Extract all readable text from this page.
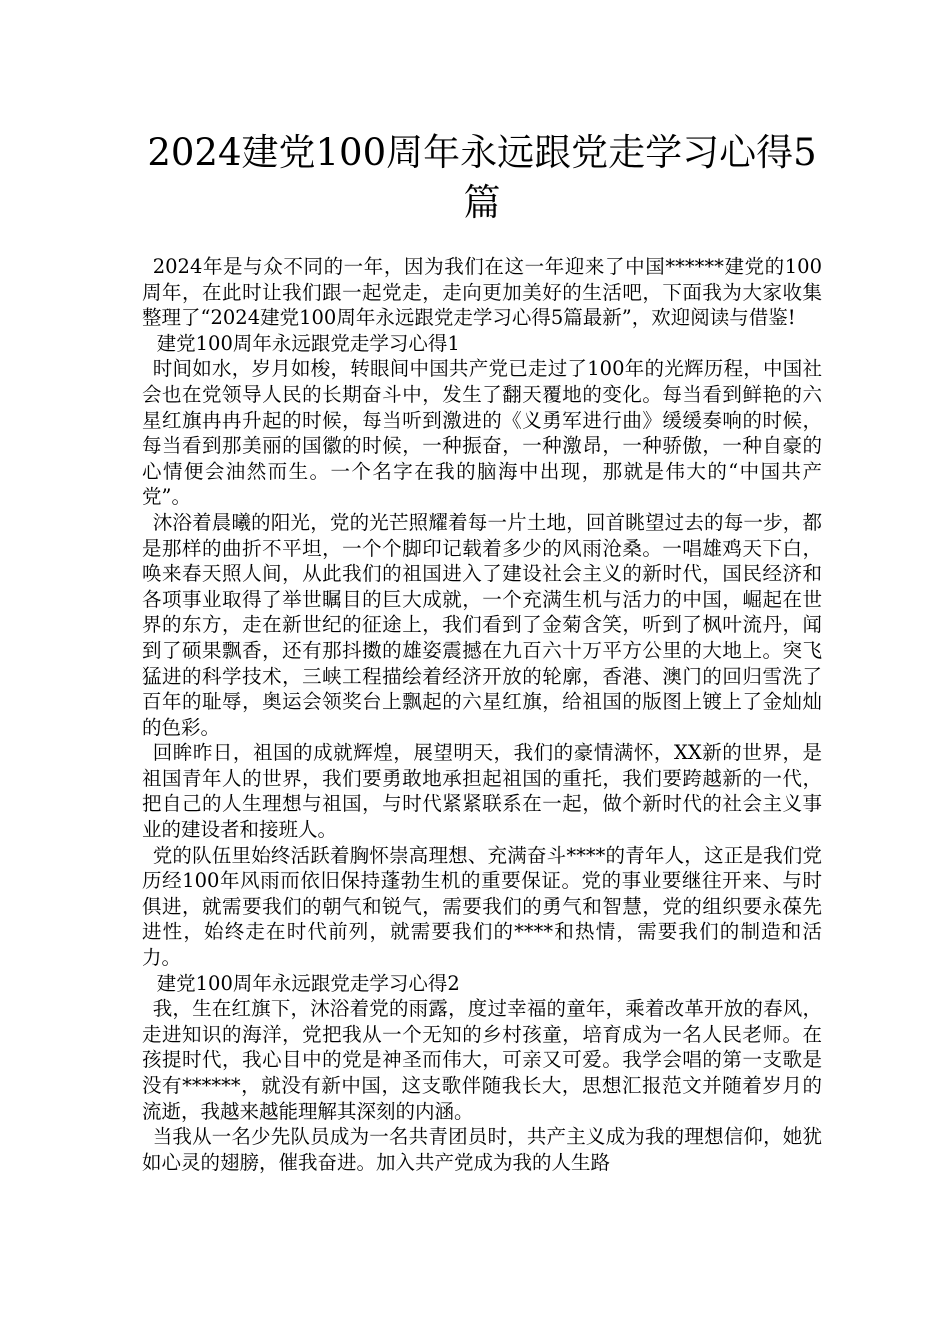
2024建党100周年永远跟党走学习心得5篇

2024年是与众不同的一年，因为我们在这一年迎来了中国******建党的100周年，在此时让我们跟一起党走，走向更加美好的生活吧，下面我为大家收集整理了“2024建党100周年永远跟党走学习心得5篇最新”，欢迎阅读与借鉴!

建党100周年永远跟党走学习心得1

时间如水，岁月如梭，转眼间中国共产党已走过了100年的光辉历程，中国社会也在党领导人民的长期奋斗中，发生了翻天覆地的变化。每当看到鲜艳的六星红旗冉冉升起的时候，每当听到激进的《义勇军进行曲》缓缓奏响的时候，每当看到那美丽的国徽的时候，一种振奋，一种激昂，一种骄傲，一种自豪的心情便会油然而生。一个名字在我的脑海中出现，那就是伟大的“中国共产党”。

沐浴着晨曦的阳光，党的光芒照耀着每一片土地，回首眺望过去的每一步，都是那样的曲折不平坦，一个个脚印记载着多少的风雨沧桑。一唱雄鸡天下白，唤来春天照人间，从此我们的祖国进入了建设社会主义的新时代，国民经济和各项事业取得了举世瞩目的巨大成就，一个充满生机与活力的中国，崛起在世界的东方，走在新世纪的征途上，我们看到了金菊含笑，听到了枫叶流丹，闻到了硕果飘香，还有那抖擞的雄姿震撼在九百六十万平方公里的大地上。突飞猛进的科学技术，三峡工程描绘着经济开放的轮廓，香港、澳门的回归雪洗了百年的耻辱，奥运会领奖台上飘起的六星红旗，给祖国的版图上镀上了金灿灿的色彩。

回眸昨日，祖国的成就辉煌，展望明天，我们的豪情满怀，XX新的世界，是祖国青年人的世界，我们要勇敢地承担起祖国的重托，我们要跨越新的一代，把自己的人生理想与祖国，与时代紧紧联系在一起，做个新时代的社会主义事业的建设者和接班人。

党的队伍里始终活跃着胸怀崇高理想、充满奋斗****的青年人，这正是我们党历经100年风雨而依旧保持蓬勃生机的重要保证。党的事业要继往开来、与时俱进，就需要我们的朝气和锐气，需要我们的勇气和智慧，党的组织要永葆先进性，始终走在时代前列，就需要我们的****和热情，需要我们的制造和活力。

建党100周年永远跟党走学习心得2

我，生在红旗下，沐浴着党的雨露，度过幸福的童年，乘着改革开放的春风，走进知识的海洋，党把我从一个无知的乡村孩童，培育成为一名人民老师。在孩提时代，我心目中的党是神圣而伟大，可亲又可爱。我学会唱的第一支歌是没有******，就没有新中国，这支歌伴随我长大，思想汇报范文并随着岁月的流逝，我越来越能理解其深刻的内涵。

当我从一名少先队员成为一名共青团员时，共产主义成为我的理想信仰，她犹如心灵的翅膀，催我奋进。加入共产党成为我的人生路
